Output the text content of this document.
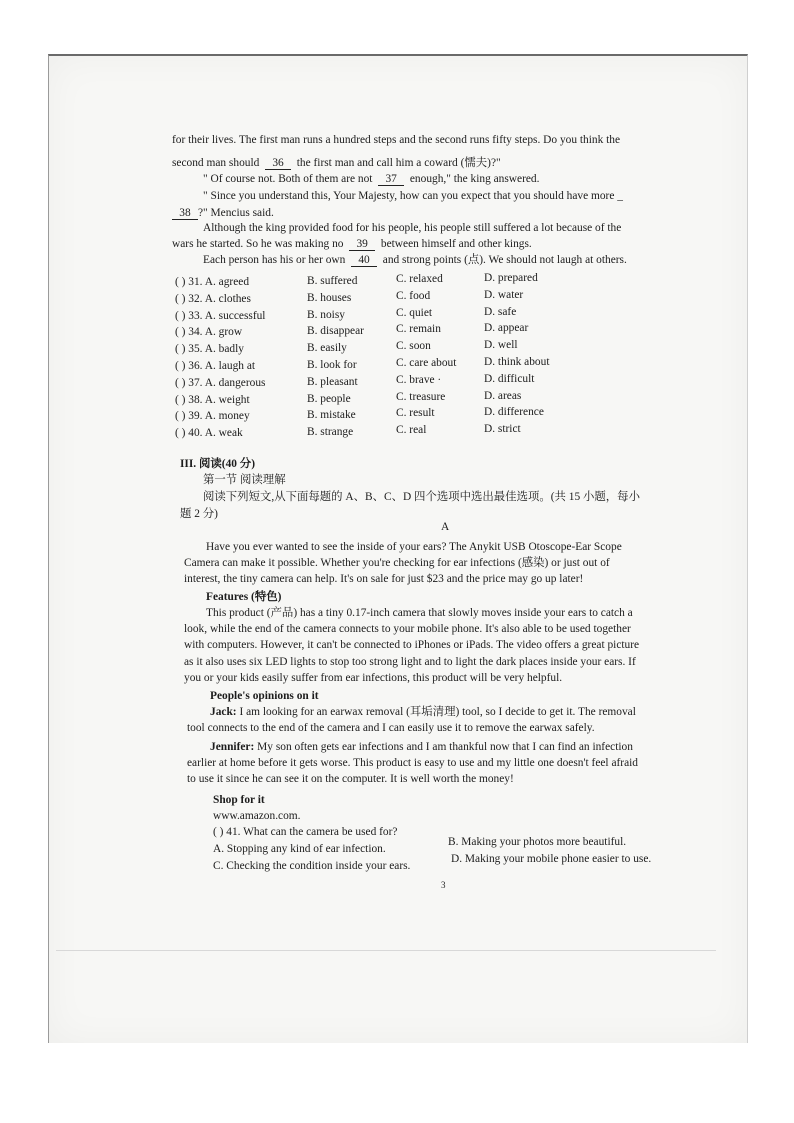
for their lives. The first man runs a hundred steps and the second runs fifty steps. Do you think the
second man should 36 the first man and call him a coward (懦夫)?"
" Of course not. Both of them are not 37 enough," the king answered.
" Since you understand this, Your Majesty, how can you expect that you should have more _
38 ?" Mencius said.
Although the king provided food for his people, his people still suffered a lot because of the
wars he started. So he was making no 39 between himself and other kings.
Each person has his or her own 40 and strong points (点). We should not laugh at others.
( ) 31. A. agreed	B. suffered	C. relaxed	D. prepared
( ) 32. A. clothes	B. houses	C. food	D. water
( ) 33. A. successful	B. noisy	C. quiet	D. safe
( ) 34. A. grow	B. disappear	C. remain	D. appear
( ) 35. A. badly	B. easily	C. soon	D. well
( ) 36. A. laugh at	B. look for	C. care about D. think about
( ) 37. A. dangerous	B. pleasant	C. brave ·	D. difficult
( ) 38. A. weight	B. people	C. treasure	D. areas
( ) 39. A. money	B. mistake	C. result	D. difference
( ) 40. A. weak	B. strange	C. real	D. strict
III. 阅读(40 分)
第一节 阅读理解
阅读下列短文,从下面每题的 A、B、C、D 四个选项中选出最佳选项。(共 15 小题，每小
题 2 分)
A
Have you ever wanted to see the inside of your ears? The Anykit USB Otoscope-Ear Scope
Camera can make it possible. Whether you're checking for ear infections (感染) or just out of
interest, the tiny camera can help. It's on sale for just $23 and the price may go up later!
Features (特色)
This product (产品) has a tiny 0.17-inch camera that slowly moves inside your ears to catch a
look, while the end of the camera connects to your mobile phone. It's also able to be used together
with computers. However, it can't be connected to iPhones or iPads. The video offers a great picture
as it also uses six LED lights to stop too strong light and to light the dark places inside your ears. If
you or your kids easily suffer from ear infections, this product will be very helpful.
People's opinions on it
Jack: I am looking for an earwax removal (耳垢清理) tool, so I decide to get it. The removal
tool connects to the end of the camera and I can easily use it to remove the earwax safely.
Jennifer: My son often gets ear infections and I am thankful now that I can find an infection
earlier at home before it gets worse. This product is easy to use and my little one doesn't feel afraid
to use it since he can see it on the computer. It is well worth the money!
Shop for it
www.amazon.com.
( ) 41. What can the camera be used for?
A. Stopping any kind of ear infection.
B. Making your photos more beautiful.
C. Checking the condition inside your ears.
D. Making your mobile phone easier to use.
3
